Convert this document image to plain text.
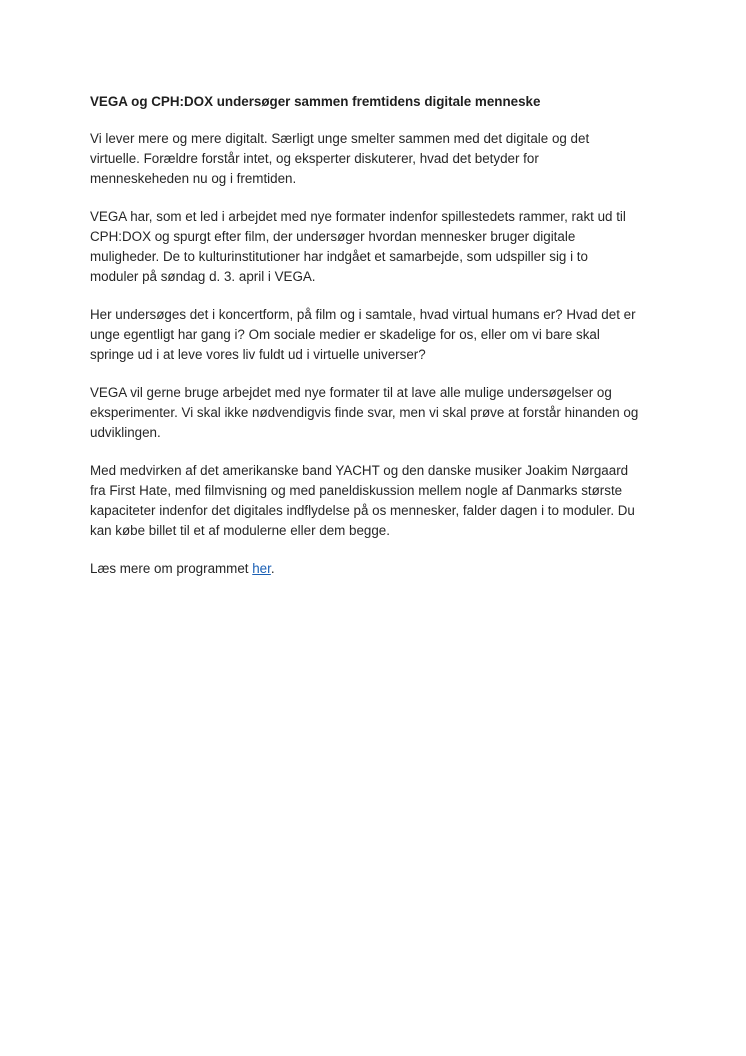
VEGA og CPH:DOX undersøger sammen fremtidens digitale menneske

Vi lever mere og mere digitalt. Særligt unge smelter sammen med det digitale og det
virtuelle. Forældre forstår intet, og eksperter diskuterer, hvad det betyder for
menneskeheden nu og i fremtiden.

VEGA har, som et led i arbejdet med nye formater indenfor spillestedets rammer, rakt ud til
CPH:DOX og spurgt efter film, der undersøger hvordan mennesker bruger digitale
muligheder. De to kulturinstitutioner har indgået et samarbejde, som udspiller sig i to
moduler på søndag d. 3. april i VEGA.

Her undersøges det i koncertform, på film og i samtale, hvad virtual humans er? Hvad det er
unge egentligt har gang i? Om sociale medier er skadelige for os, eller om vi bare skal
springe ud i at leve vores liv fuldt ud i virtuelle universer?

VEGA vil gerne bruge arbejdet med nye formater til at lave alle mulige undersøgelser og
eksperimenter. Vi skal ikke nødvendigvis finde svar, men vi skal prøve at forstår hinanden og
udviklingen.

Med medvirken af det amerikanske band YACHT og den danske musiker Joakim Nørgaard
fra First Hate, med filmvisning og med paneldiskussion mellem nogle af Danmarks største
kapaciteter indenfor det digitales indflydelse på os mennesker, falder dagen i to moduler. Du
kan købe billet til et af modulerne eller dem begge.

Læs mere om programmet her.
